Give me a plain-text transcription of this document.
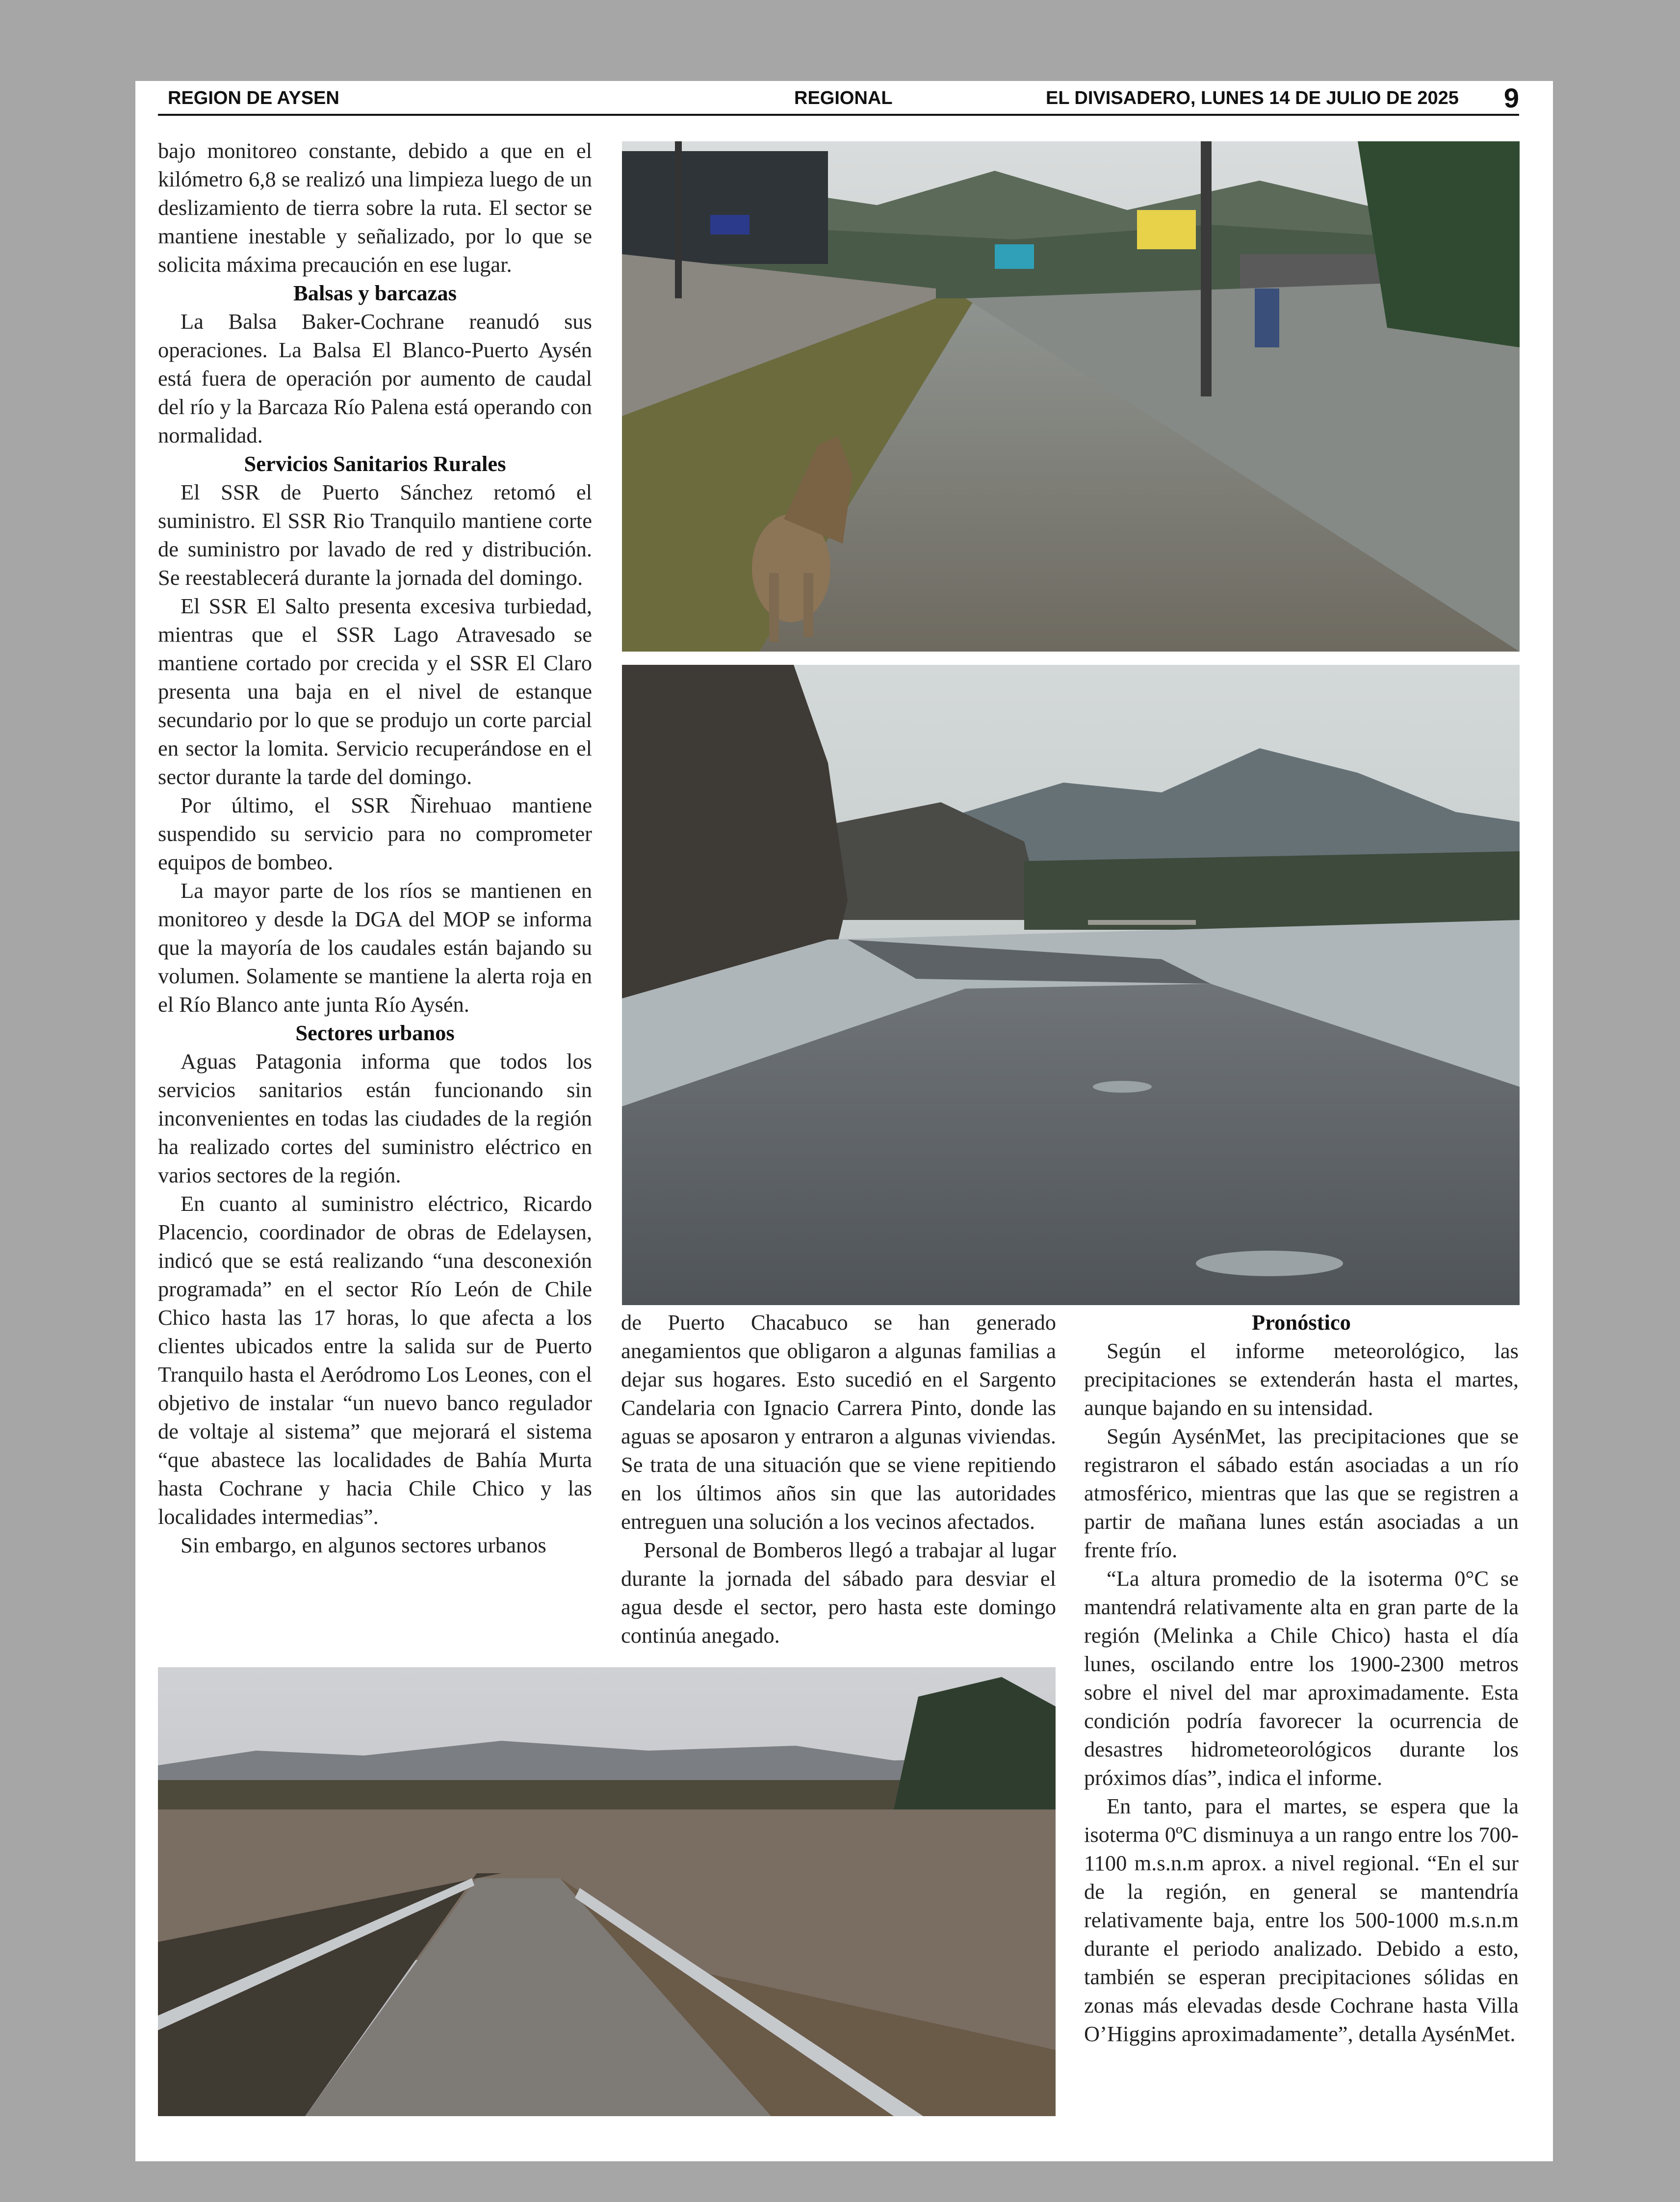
REGION DE AYSEN	REGIONAL	EL DIVISADERO, LUNES 14 DE JULIO DE 2025 9

bajo monitoreo constante, debido a que en el kilómetro 6,8 se realizó una limpieza luego de un deslizamiento de tierra sobre la ruta. El sector se mantiene inestable y señalizado, por lo que se solicita máxima precaución en ese lugar.

Balsas y barcazas

La Balsa Baker-Cochrane reanudó sus operaciones. La Balsa El Blanco-Puerto Aysén está fuera de operación por aumento de caudal del río y la Barcaza Río Palena está operando con normalidad.

Servicios Sanitarios Rurales

El SSR de Puerto Sánchez retomó el suministro. El SSR Rio Tranquilo mantiene corte de suministro por lavado de red y distribución. Se reestablecerá durante la jornada del domingo.

El SSR El Salto presenta excesiva turbiedad, mientras que el SSR Lago Atravesado se mantiene cortado por crecida y el SSR El Claro presenta una baja en el nivel de estanque secundario por lo que se produjo un corte parcial en sector la lomita. Servicio recuperándose en el sector durante la tarde del domingo.

Por último, el SSR Ñirehuao mantiene suspendido su servicio para no comprometer equipos de bombeo.

La mayor parte de los ríos se mantienen en monitoreo y desde la DGA del MOP se informa que la mayoría de los caudales están bajando su volumen. Solamente se mantiene la alerta roja en el Río Blanco ante junta Río Aysén.

Sectores urbanos

Aguas Patagonia informa que todos los servicios sanitarios están funcionando sin inconvenientes en todas las ciudades de la región ha realizado cortes del suministro eléctrico en varios sectores de la región.

En cuanto al suministro eléctrico, Ricardo Placencio, coordinador de obras de Edelaysen, indicó que se está realizando “una desconexión programada” en el sector Río León de Chile Chico hasta las 17 horas, lo que afecta a los clientes ubicados entre la salida sur de Puerto Tranquilo hasta el Aeródromo Los Leones, con el objetivo de instalar “un nuevo banco regulador de voltaje al sistema” que mejorará el sistema “que abastece las localidades de Bahía Murta hasta Cochrane y hacia Chile Chico y las localidades intermedias”.

Sin embargo, en algunos sectores urbanos

de Puerto Chacabuco se han generado anegamientos que obligaron a algunas familias a dejar sus hogares. Esto sucedió en el Sargento Candelaria con Ignacio Carrera Pinto, donde las aguas se aposaron y entraron a algunas viviendas. Se trata de una situación que se viene repitiendo en los últimos años sin que las autoridades entreguen una solución a los vecinos afectados.

Personal de Bomberos llegó a trabajar al lugar durante la jornada del sábado para desviar el agua desde el sector, pero hasta este domingo continúa anegado.

Pronóstico

Según el informe meteorológico, las precipitaciones se extenderán hasta el martes, aunque bajando en su intensidad.

Según AysénMet, las precipitaciones que se registraron el sábado están asociadas a un río atmosférico, mientras que las que se registren a partir de mañana lunes están asociadas a un frente frío.

“La altura promedio de la isoterma 0°C se mantendrá relativamente alta en gran parte de la región (Melinka a Chile Chico) hasta el día lunes, oscilando entre los 1900-2300 metros sobre el nivel del mar aproximadamente. Esta condición podría favorecer la ocurrencia de desastres hidrometeorológicos durante los próximos días”, indica el informe.

En tanto, para el martes, se espera que la isoterma 0ºC disminuya a un rango entre los 700-1100 m.s.n.m aprox. a nivel regional. “En el sur de la región, en general se mantendría relativamente baja, entre los 500-1000 m.s.n.m durante el periodo analizado. Debido a esto, también se esperan precipitaciones sólidas en zonas más elevadas desde Cochrane hasta Villa O’Higgins aproximadamente”, detalla AysénMet.
